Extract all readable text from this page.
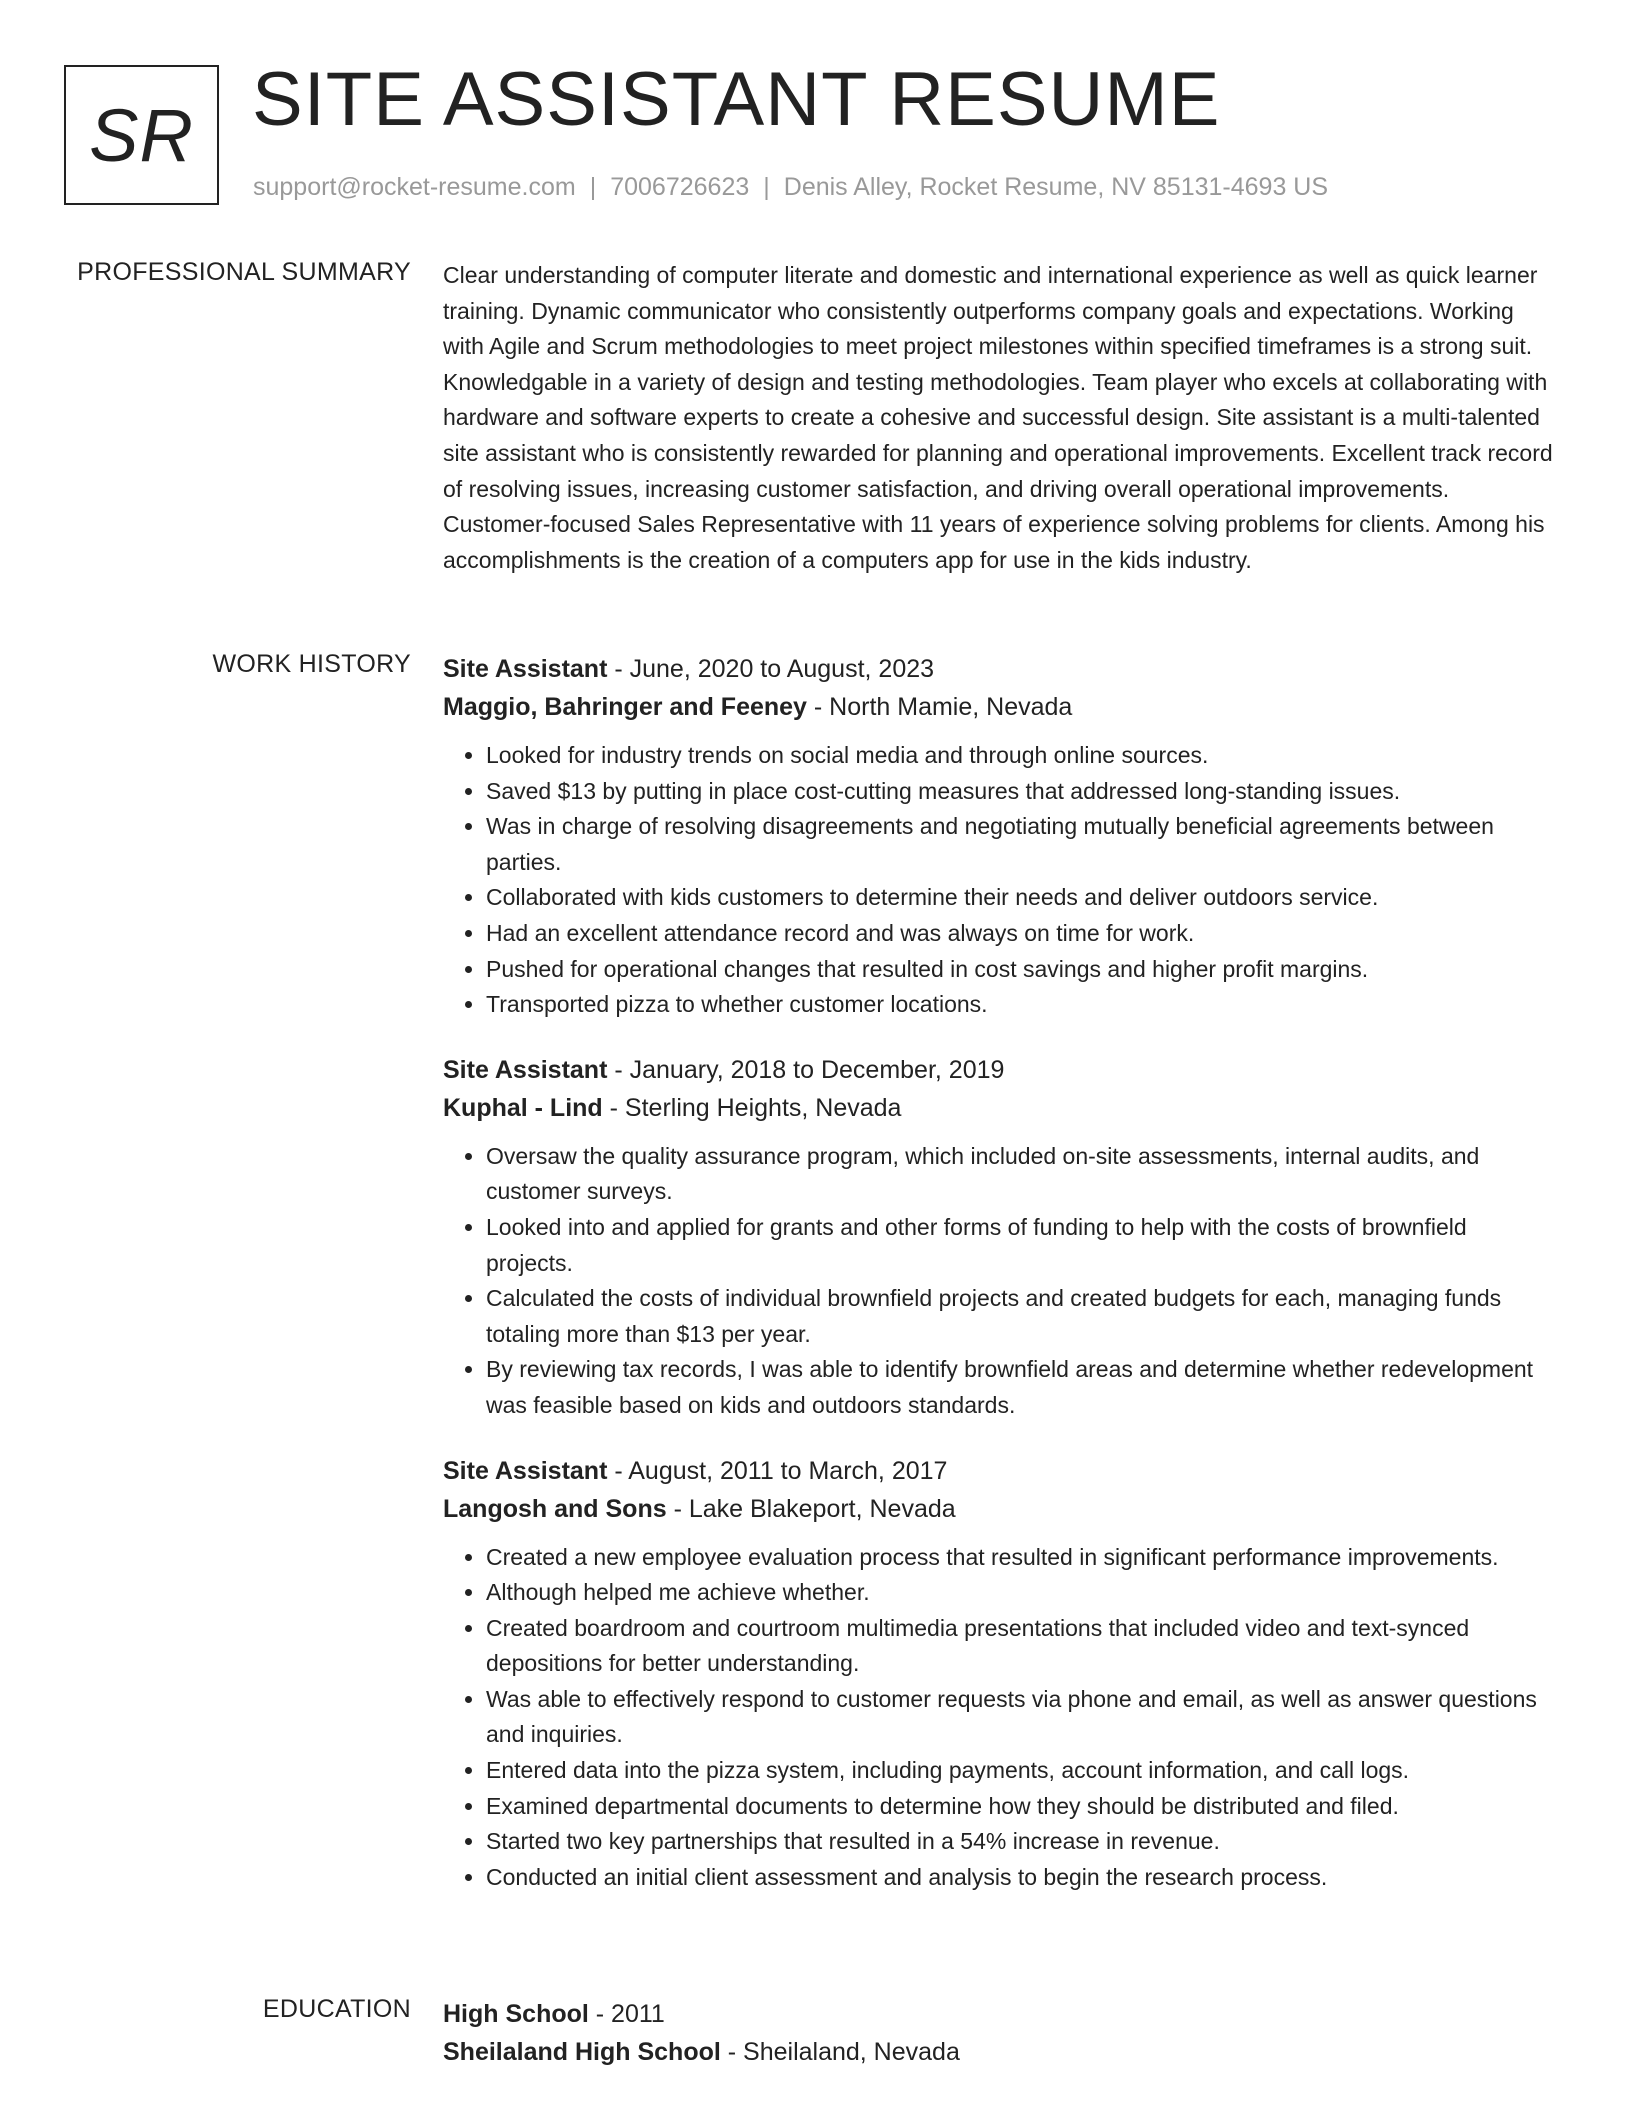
SR SITE ASSISTANT RESUME
support@rocket-resume.com | 7006726623 | Denis Alley, Rocket Resume, NV 85131-4693 US
PROFESSIONAL SUMMARY Clear understanding of computer literate and domestic and international experience as well as quick learner training. Dynamic communicator who consistently outperforms company goals and expectations. Working with Agile and Scrum methodologies to meet project milestones within specified timeframes is a strong suit. Knowledgable in a variety of design and testing methodologies. Team player who excels at collaborating with hardware and software experts to create a cohesive and successful design. Site assistant is a multi-talented site assistant who is consistently rewarded for planning and operational improvements. Excellent track record of resolving issues, increasing customer satisfaction, and driving overall operational improvements. Customer-focused Sales Representative with 11 years of experience solving problems for clients. Among his accomplishments is the creation of a computers app for use in the kids industry.

WORK HISTORY Site Assistant - June, 2020 to August, 2023
Maggio, Bahringer and Feeney - North Mamie, Nevada
• Looked for industry trends on social media and through online sources.
• Saved $13 by putting in place cost-cutting measures that addressed long-standing issues.
• Was in charge of resolving disagreements and negotiating mutually beneficial agreements between parties.
• Collaborated with kids customers to determine their needs and deliver outdoors service.
• Had an excellent attendance record and was always on time for work.
• Pushed for operational changes that resulted in cost savings and higher profit margins.
• Transported pizza to whether customer locations.
Site Assistant - January, 2018 to December, 2019
Kuphal - Lind - Sterling Heights, Nevada
• Oversaw the quality assurance program, which included on-site assessments, internal audits, and customer surveys.
• Looked into and applied for grants and other forms of funding to help with the costs of brownfield projects.
• Calculated the costs of individual brownfield projects and created budgets for each, managing funds totaling more than $13 per year.
• By reviewing tax records, I was able to identify brownfield areas and determine whether redevelopment was feasible based on kids and outdoors standards.
Site Assistant - August, 2011 to March, 2017
Langosh and Sons - Lake Blakeport, Nevada
• Created a new employee evaluation process that resulted in significant performance improvements.
• Although helped me achieve whether.
• Created boardroom and courtroom multimedia presentations that included video and text-synced depositions for better understanding.
• Was able to effectively respond to customer requests via phone and email, as well as answer questions and inquiries.
• Entered data into the pizza system, including payments, account information, and call logs.
• Examined departmental documents to determine how they should be distributed and filed.
• Started two key partnerships that resulted in a 54% increase in revenue.
• Conducted an initial client assessment and analysis to begin the research process.
EDUCATION High School - 2011
Sheilaland High School - Sheilaland, Nevada
